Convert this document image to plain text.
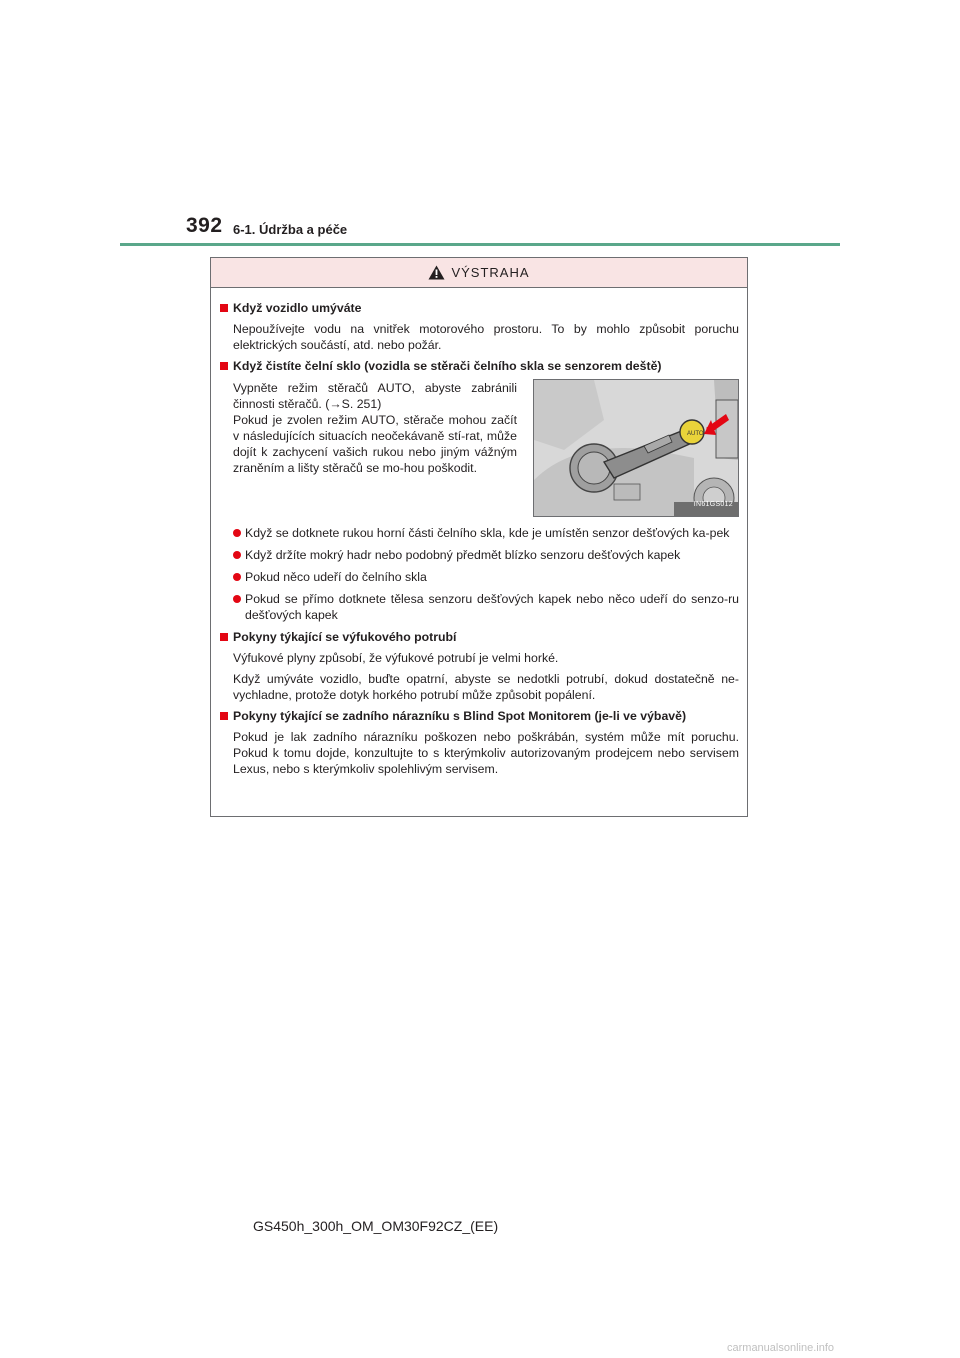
392 6-1. Údržba a péče
VÝSTRAHA
Když vozidlo umýváte
Nepoužívejte vodu na vnitřek motorového prostoru. To by mohlo způsobit poruchu elektrických součástí, atd. nebo požár.
Když čistíte čelní sklo (vozidla se stěrači čelního skla se senzorem deště)
Vypněte režim stěračů AUTO, abyste zabránili činnosti stěračů. (→S. 251)
Pokud je zvolen režim AUTO, stěrače mohou začít v následujících situacích neočekávaně stí-rat, může dojít k zachycení vašich rukou nebo jiným vážným zraněním a lišty stěračů se mo-hou poškodit.
AUTO
IN61GS012
Když se dotknete rukou horní části čelního skla, kde je umístěn senzor dešťových ka-pek
Když držíte mokrý hadr nebo podobný předmět blízko senzoru dešťových kapek
Pokud něco udeří do čelního skla
Pokud se přímo dotknete tělesa senzoru dešťových kapek nebo něco udeří do senzo-ru dešťových kapek
Pokyny týkající se výfukového potrubí
Výfukové plyny způsobí, že výfukové potrubí je velmi horké.
Když umýváte vozidlo, buďte opatrní, abyste se nedotkli potrubí, dokud dostatečně ne-vychladne, protože dotyk horkého potrubí může způsobit popálení.
Pokyny týkající se zadního nárazníku s Blind Spot Monitorem (je-li ve výbavě)
Pokud je lak zadního nárazníku poškozen nebo poškrábán, systém může mít poruchu. Pokud k tomu dojde, konzultujte to s kterýmkoliv autorizovaným prodejcem nebo servisem Lexus, nebo s kterýmkoliv spolehlivým servisem.
GS450h_300h_OM_OM30F92CZ_(EE)
carmanualsonline.info
